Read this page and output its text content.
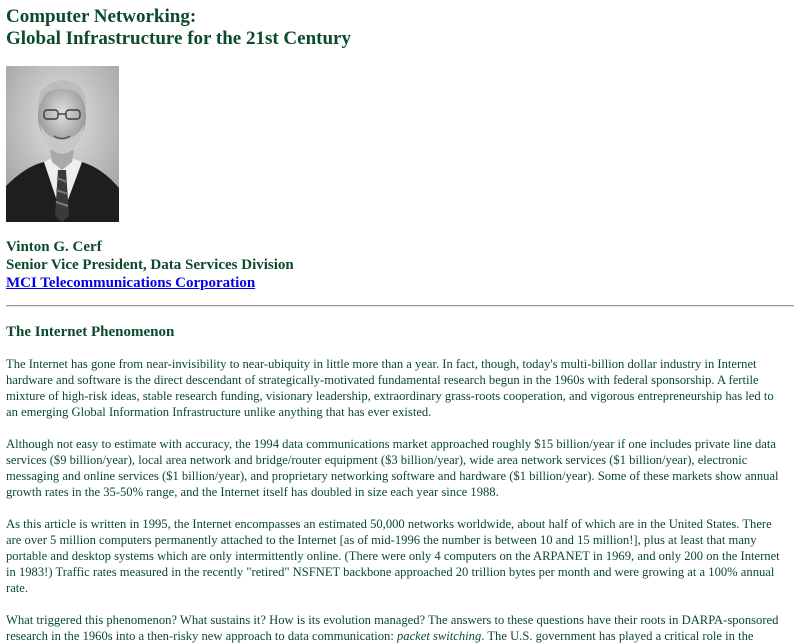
Computer Networking:
Global Infrastructure for the 21st Century
Vinton G. Cerf
Senior Vice President, Data Services Division
MCI Telecommunications Corporation
The Internet Phenomenon

The Internet has gone from near-invisibility to near-ubiquity in little more than a year. In fact, though, today's multi-billion dollar industry in Internet hardware and software is the direct descendant of strategically-motivated fundamental research begun in the 1960s with federal sponsorship. A fertile mixture of high-risk ideas, stable research funding, visionary leadership, extraordinary grass-roots cooperation, and vigorous entrepreneurship has led to an emerging Global Information Infrastructure unlike anything that has ever existed.

Although not easy to estimate with accuracy, the 1994 data communications market approached roughly $15 billion/year if one includes private line data services ($9 billion/year), local area network and bridge/router equipment ($3 billion/year), wide area network services ($1 billion/year), electronic messaging and online services ($1 billion/year), and proprietary networking software and hardware ($1 billion/year). Some of these markets show annual growth rates in the 35-50% range, and the Internet itself has doubled in size each year since 1988.

As this article is written in 1995, the Internet encompasses an estimated 50,000 networks worldwide, about half of which are in the United States. There are over 5 million computers permanently attached to the Internet [as of mid-1996 the number is between 10 and 15 million!], plus at least that many portable and desktop systems which are only intermittently online. (There were only 4 computers on the ARPANET in 1969, and only 200 on the Internet in 1983!) Traffic rates measured in the recently "retired" NSFNET backbone approached 20 trillion bytes per month and were growing at a 100% annual rate.

What triggered this phenomenon? What sustains it? How is its evolution managed? The answers to these questions have their roots in DARPA-sponsored research in the 1960s into a then-risky new approach to data communication: packet switching. The U.S. government has played a critical role in the
